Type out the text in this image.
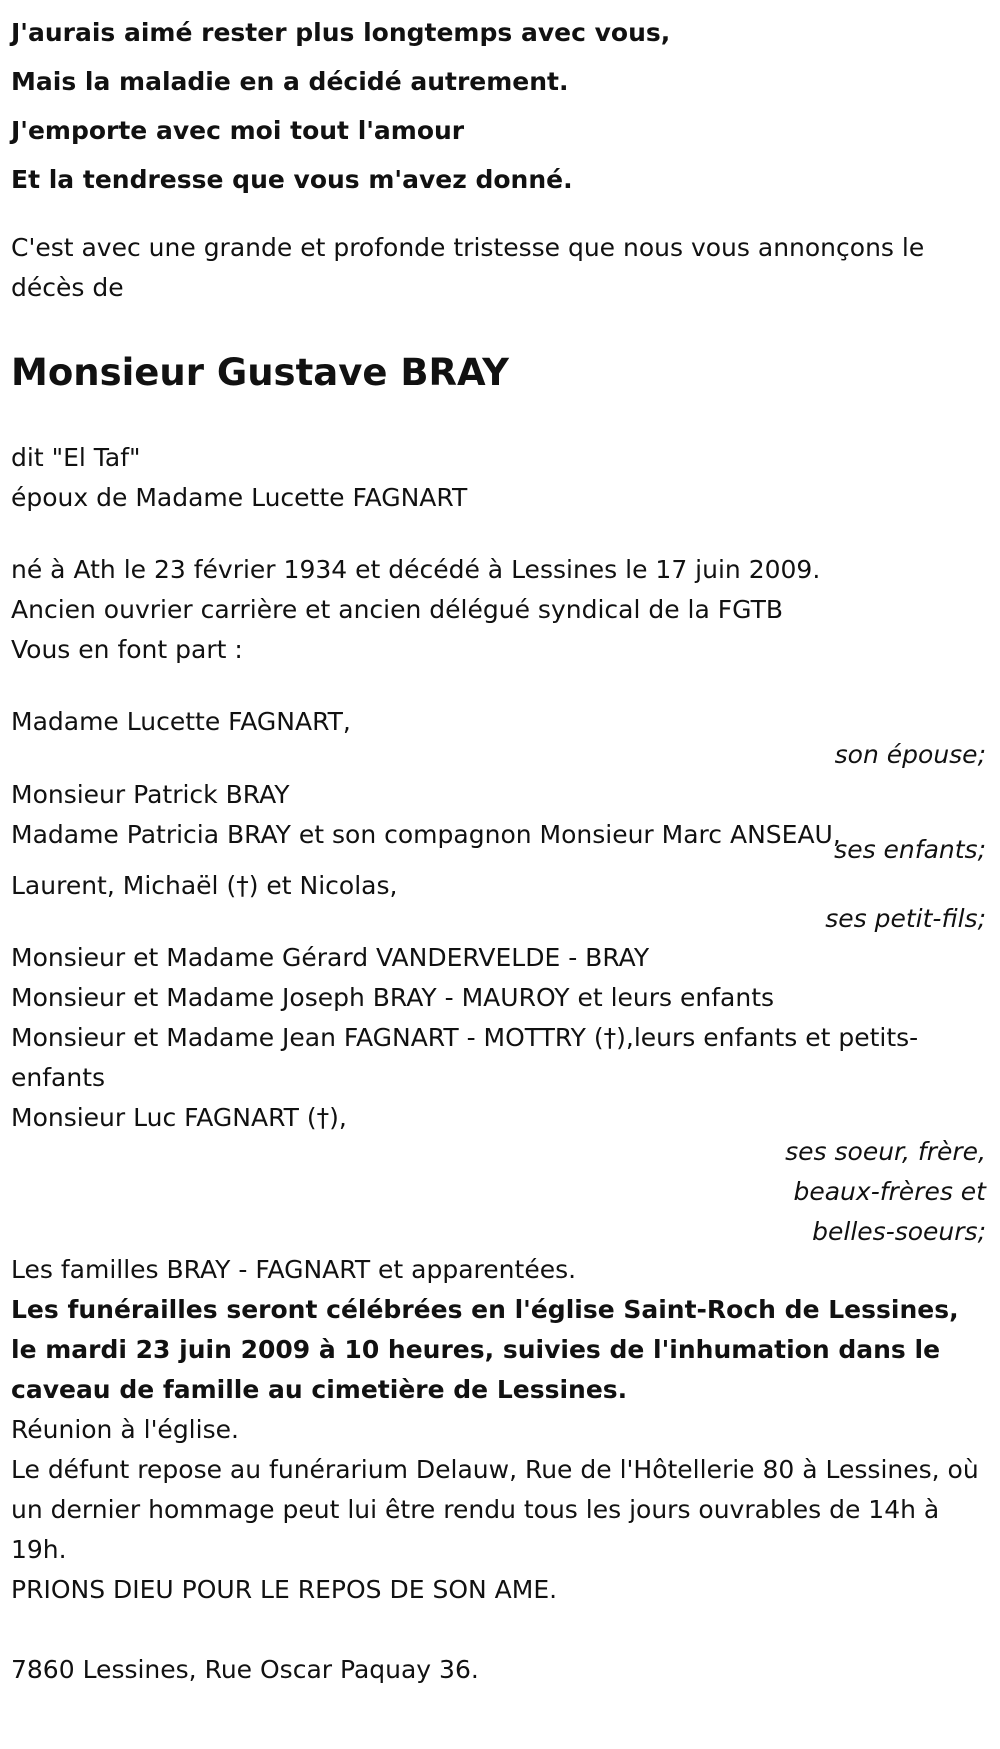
J'aurais aimé rester plus longtemps avec vous,
Mais la maladie en a décidé autrement.
J'emporte avec moi tout l'amour
Et la tendresse que vous m'avez donné.

C'est avec une grande et profonde tristesse que nous vous annonçons le décès de

Monsieur Gustave BRAY

dit "El Taf"
époux de Madame Lucette FAGNART

né à Ath le 23 février 1934 et décédé à Lessines le 17 juin 2009.
Ancien ouvrier carrière et ancien délégué syndical de la FGTB
Vous en font part :

Madame Lucette FAGNART,
son épouse;
Monsieur Patrick BRAY
Madame Patricia BRAY et son compagnon Monsieur Marc ANSEAU,
ses enfants;
Laurent, Michaël (†) et Nicolas,
ses petit-fils;
Monsieur et Madame Gérard VANDERVELDE - BRAY
Monsieur et Madame Joseph BRAY - MAUROY et leurs enfants
Monsieur et Madame Jean FAGNART - MOTTRY (†),leurs enfants et petits-
enfants
Monsieur Luc FAGNART (†),
ses soeur, frère,
beaux-frères et
belles-soeurs;

Les familles BRAY - FAGNART et apparentées.

Les funérailles seront célébrées en l'église Saint-Roch de Lessines, le mardi 23 juin 2009 à 10 heures, suivies de l'inhumation dans le caveau de famille au cimetière de Lessines.

Réunion à l'église.

Le défunt repose au funérarium Delauw, Rue de l'Hôtellerie 80 à Lessines, où un dernier hommage peut lui être rendu tous les jours ouvrables de 14h à 19h.

PRIONS DIEU POUR LE REPOS DE SON AME.

7860 Lessines, Rue Oscar Paquay 36.
